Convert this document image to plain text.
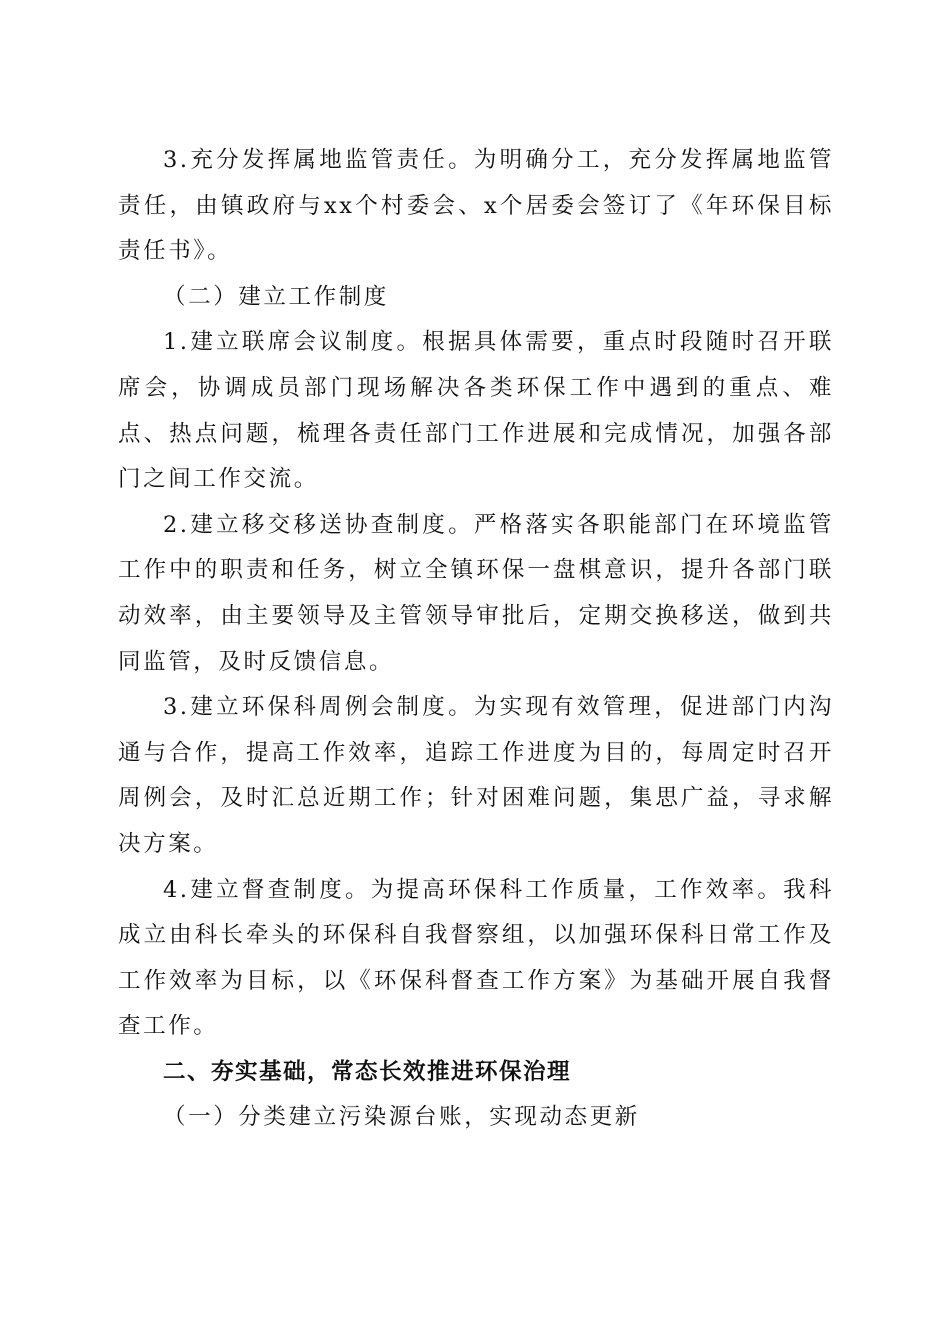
3.充分发挥属地监管责任。为明确分工，充分发挥属地监管责任，由镇政府与xx个村委会、x个居委会签订了《年环保目标责任书》。

（二）建立工作制度

1.建立联席会议制度。根据具体需要，重点时段随时召开联席会，协调成员部门现场解决各类环保工作中遇到的重点、难点、热点问题，梳理各责任部门工作进展和完成情况，加强各部门之间工作交流。

2.建立移交移送协查制度。严格落实各职能部门在环境监管工作中的职责和任务，树立全镇环保一盘棋意识，提升各部门联动效率，由主要领导及主管领导审批后，定期交换移送，做到共同监管，及时反馈信息。

3.建立环保科周例会制度。为实现有效管理，促进部门内沟通与合作，提高工作效率，追踪工作进度为目的，每周定时召开周例会，及时汇总近期工作；针对困难问题，集思广益，寻求解决方案。

4.建立督查制度。为提高环保科工作质量，工作效率。我科成立由科长牵头的环保科自我督察组，以加强环保科日常工作及工作效率为目标，以《环保科督查工作方案》为基础开展自我督查工作。

二、夯实基础，常态长效推进环保治理

（一）分类建立污染源台账，实现动态更新
